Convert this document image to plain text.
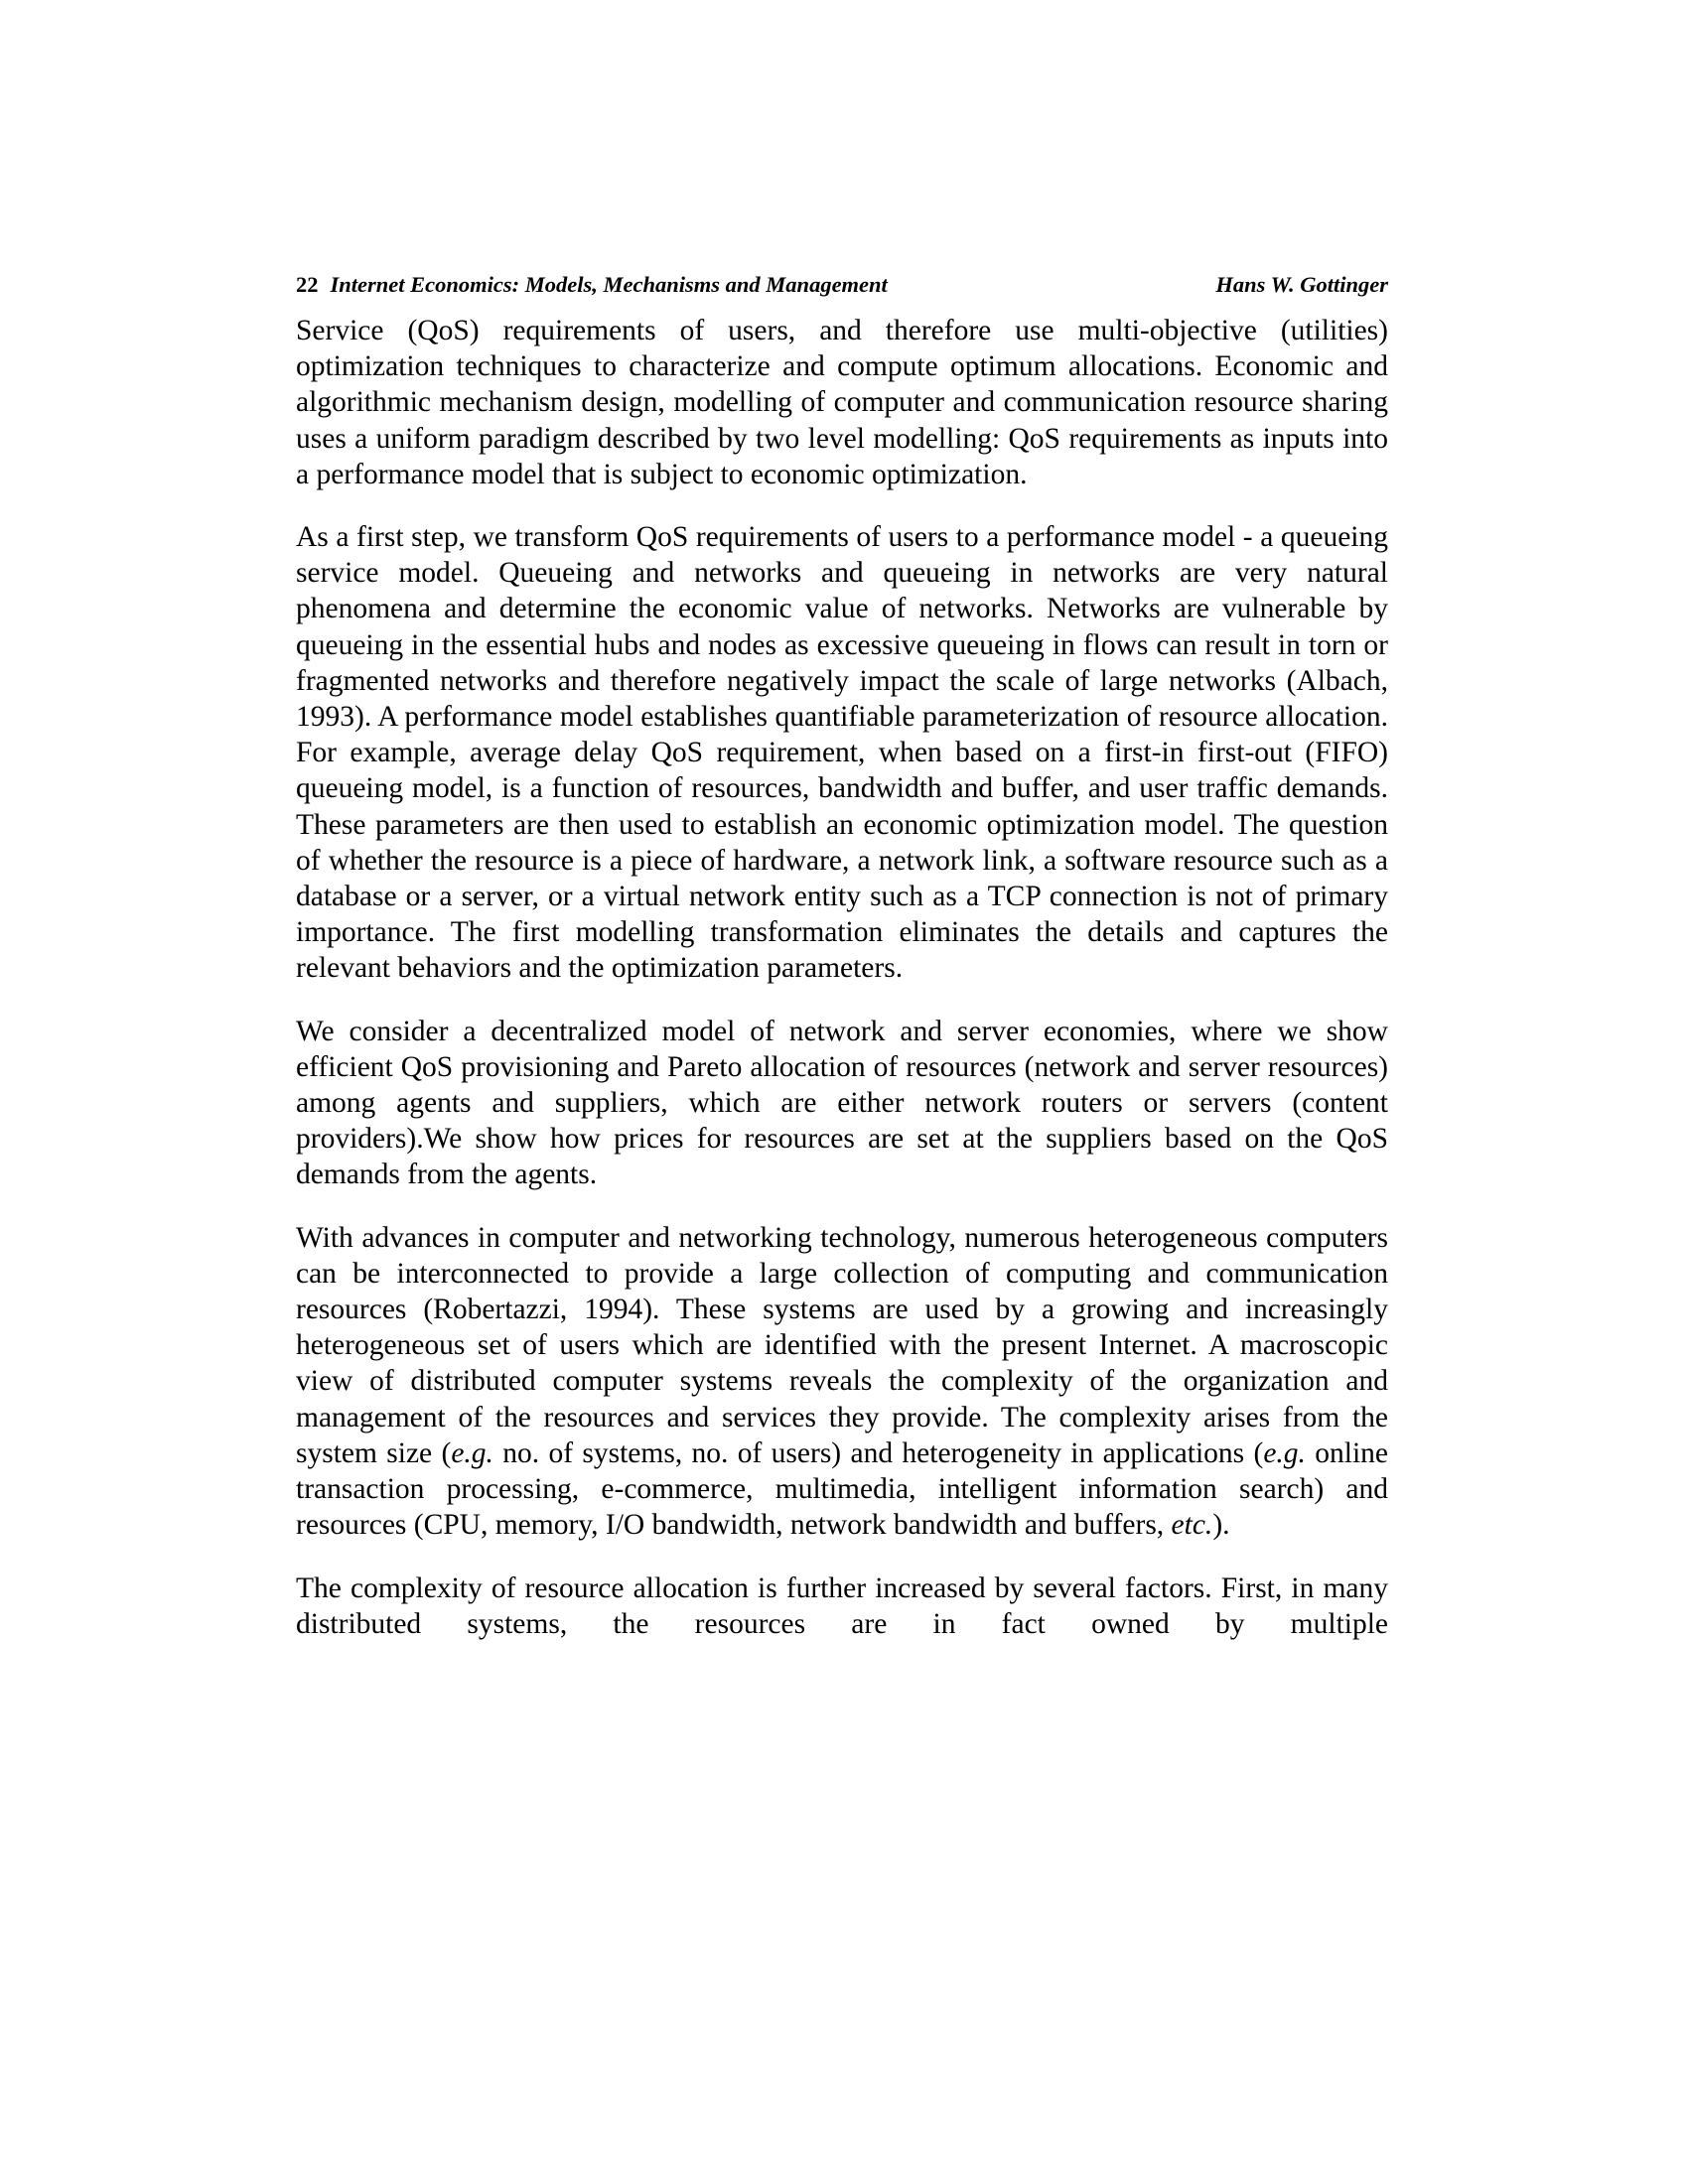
22 Internet Economics: Models, Mechanisms and Management	Hans W. Gottinger

Service (QoS) requirements of users, and therefore use multi-objective (utilities) optimization techniques to characterize and compute optimum allocations. Economic and algorithmic mechanism design, modelling of computer and communication resource sharing uses a uniform paradigm described by two level modelling: QoS requirements as inputs into a performance model that is subject to economic optimization.

As a first step, we transform QoS requirements of users to a performance model - a queueing service model. Queueing and networks and queueing in networks are very natural phenomena and determine the economic value of networks. Networks are vulnerable by queueing in the essential hubs and nodes as excessive queueing in flows can result in torn or fragmented networks and therefore negatively impact the scale of large networks (Albach, 1993). A performance model establishes quantifiable parameterization of resource allocation. For example, average delay QoS requirement, when based on a first-in first-out (FIFO) queueing model, is a function of resources, bandwidth and buffer, and user traffic demands. These parameters are then used to establish an economic optimization model. The question of whether the resource is a piece of hardware, a network link, a software resource such as a database or a server, or a virtual network entity such as a TCP connection is not of primary importance. The first modelling transformation eliminates the details and captures the relevant behaviors and the optimization parameters.

We consider a decentralized model of network and server economies, where we show efficient QoS provisioning and Pareto allocation of resources (network and server resources) among agents and suppliers, which are either network routers or servers (content providers).We show how prices for resources are set at the suppliers based on the QoS demands from the agents.

With advances in computer and networking technology, numerous heterogeneous computers can be interconnected to provide a large collection of computing and communication resources (Robertazzi, 1994). These systems are used by a growing and increasingly heterogeneous set of users which are identified with the present Internet. A macroscopic view of distributed computer systems reveals the complexity of the organization and management of the resources and services they provide. The complexity arises from the system size (e.g. no. of systems, no. of users) and heterogeneity in applications (e.g. online transaction processing, e-commerce, multimedia, intelligent information search) and resources (CPU, memory, I/O bandwidth, network bandwidth and buffers, etc.).

The complexity of resource allocation is further increased by several factors. First, in many distributed systems, the resources are in fact owned by multiple
